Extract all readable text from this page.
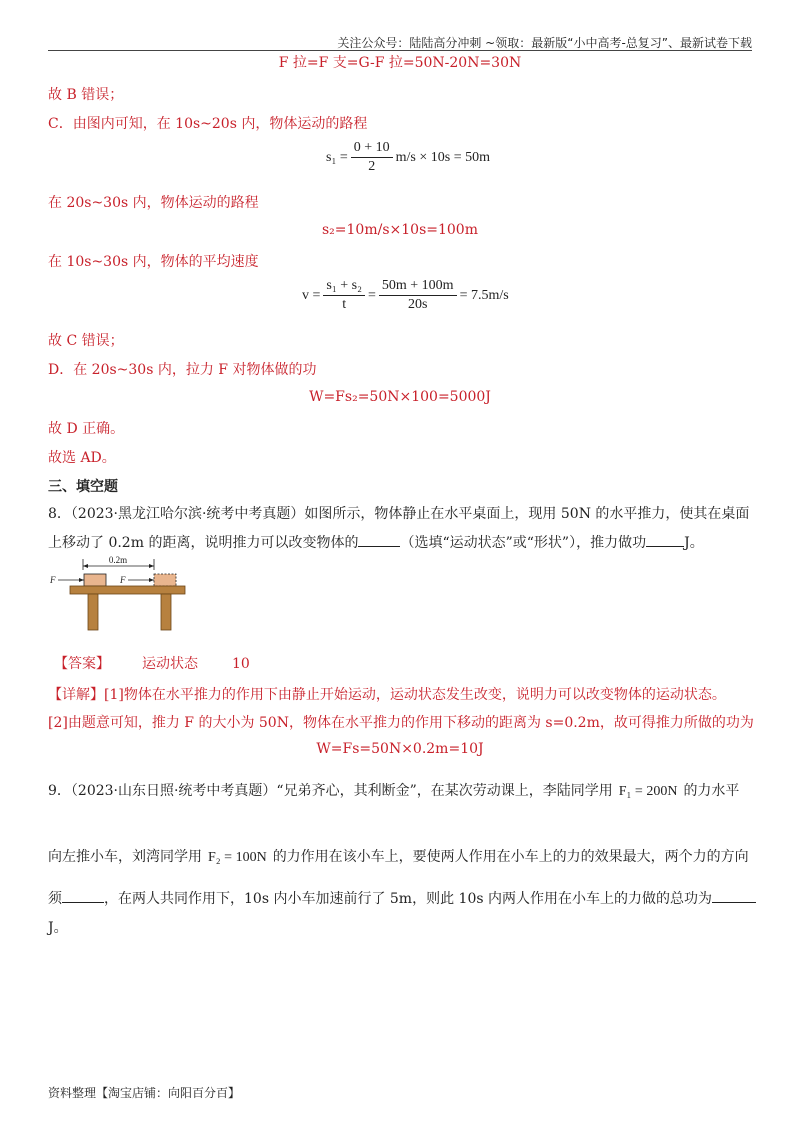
关注公众号：陆陆高分冲刺 ~领取：最新版“小中高考-总复习”、最新试卷下载
F 拉=F 支=G-F 拉=50N-20N=30N
故 B 错误；
C．由图内可知，在 10s~20s 内，物体运动的路程
$s_1 = \frac{0 + 10}{2} m/s \times 10s = 50m$
在 20s~30s 内，物体运动的路程
s₂=10m/s×10s=100m
在 10s~30s 内，物体的平均速度
$v = \frac{\text{s₁ + s₂}}{t} = \frac{50m + 100m}{20s} = 7.5m/s$
故 C 错误；
D．在 20s~30s 内，拉力 F 对物体做的功
W=Fs₂=50N×100=5000J
故 D 正确。
故选 AD。
三、填空题
8．（2023·黑龙江哈尔滨·统考中考真题）如图所示，物体静止在水平桌面上，现用 50N 的水平推力，使其在桌面
上移动了 0.2m 的距离，说明推力可以改变物体的	（选填“运动状态”或“形状”），推力做功	J。
0.2m
F	F
【答案】 运动状态 10
【详解】[1]物体在水平推力的作用下由静止开始运动，运动状态发生改变，说明力可以改变物体的运动状态。
[2]由题意可知，推力 F 的大小为 50N，物体在水平推力的作用下移动的距离为 s=0.2m，故可得推力所做的功为
W=Fs=50N×0.2m=10J
9．（2023·山东日照·统考中考真题）“兄弟齐心，其利断金”，在某次劳动课上，李陆同学用 F₁ = 200N 的力水平
向左推小车，刘湾同学用 F₂ = 100N 的力作用在该小车上，要使两人作用在小车上的力的效果最大，两个力的方向
须	，在两人共同作用下，10s 内小车加速前行了 5m，则此 10s 内两人作用在小车上的力做的总功为
J。
资料整理【淘宝店铺：向阳百分百】
